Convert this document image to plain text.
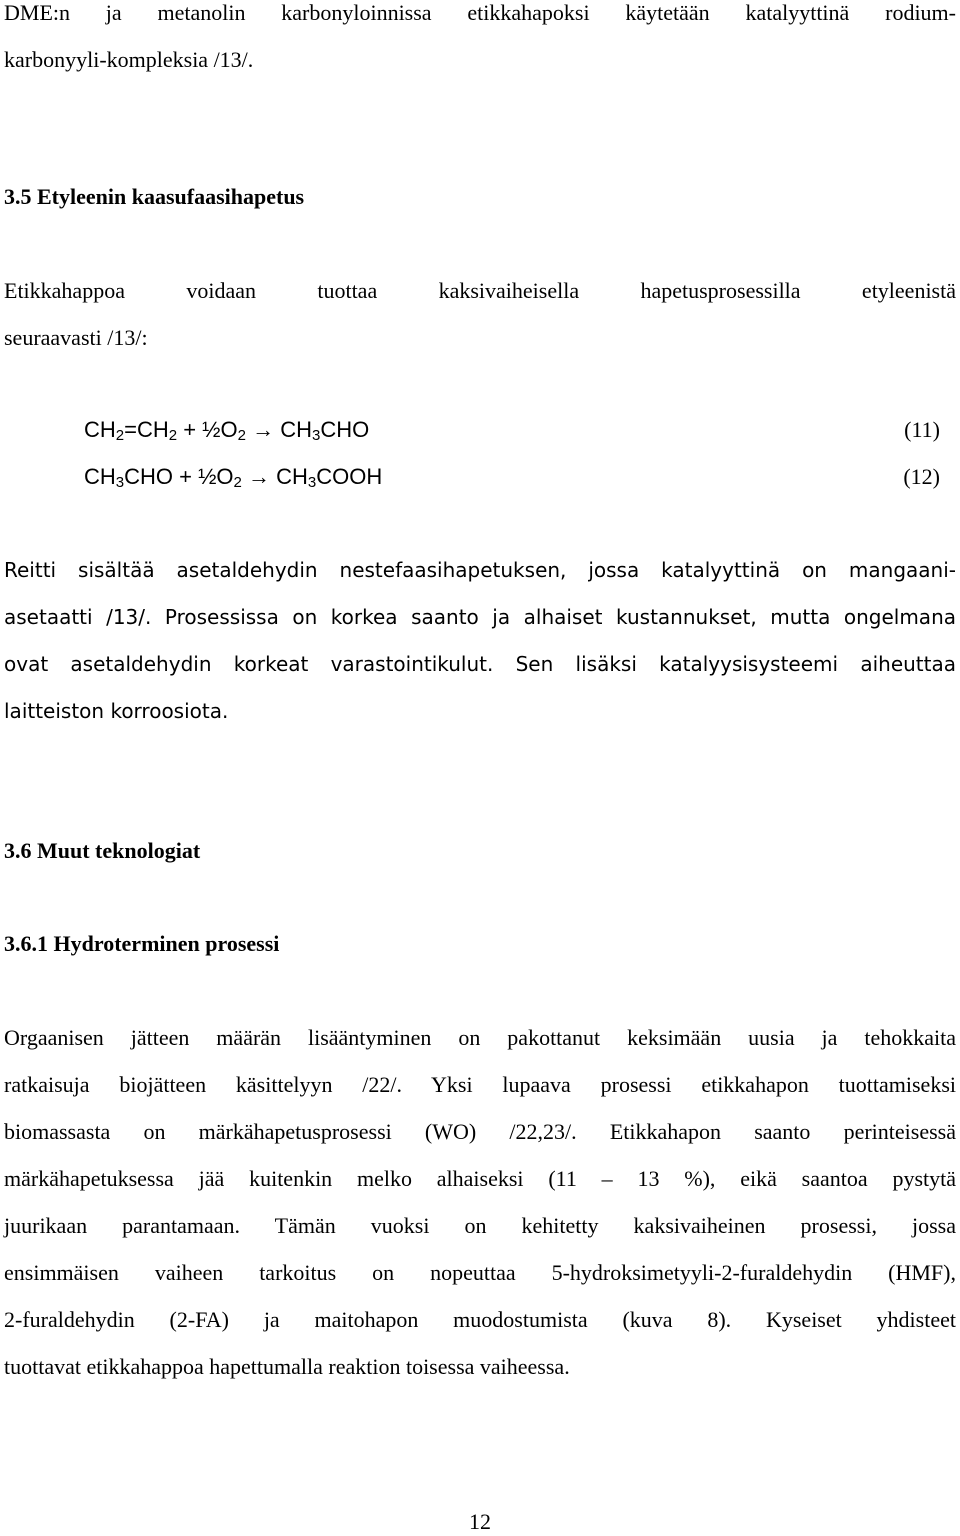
DME:n ja metanolin karbonyloinnissa etikkahapoksi käytetään katalyyttinä rodium-
karbonyyli-kompleksia /13/.
3.5 Etyleenin kaasufaasihapetus
Etikkahappoa voidaan tuottaa kaksivaiheisella hapetusprosessilla etyleenistä
seuraavasti /13/:
$CH_2=CH_2$ + $\frac{1}{2}O_2 \to CH_3CHO$	(11)
$CH_3CHO$ + $\frac{1}{2}O_2$ → $CH_3COOH$	(12)
Reitti sisältää asetaldehydin nestefaasihapetuksen, jossa katalyyttinä on mangaani-
asetaatti /13/. Prosessissa on korkea saanto ja alhaiset kustannukset, mutta ongelmana
ovat asetaldehydin korkeat varastointikulut. Sen lisäksi katalyysisysteemi aiheuttaa
laitteiston korroosiota.
3.6 Muut teknologiat
3.6.1 Hydroterminen prosessi
Orgaanisen jätteen määrän lisääntyminen on pakottanut keksimään uusia ja tehokkaita
ratkaisuja biojätteen käsittelyyn /22/. Yksi lupaava prosessi etikkahapon tuottamiseksi
biomassasta on märkähapetusprosessi (WO) /22,23/. Etikkahapon saanto perinteisessä
märkähapetuksessa jää kuitenkin melko alhaiseksi (11 – 13 %), eikä saantoa pystytä
juurikaan parantamaan. Tämän vuoksi on kehitetty kaksivaiheinen prosessi, jossa
ensimmäisen vaiheen tarkoitus on nopeuttaa 5-hydroksimetyyli-2-furaldehydin (HMF),
2-furaldehydin (2-FA) ja maitohapon muodostumista (kuva 8). Kyseiset yhdisteet
tuottavat etikkahappoa hapettumalla reaktion toisessa vaiheessa.
12
